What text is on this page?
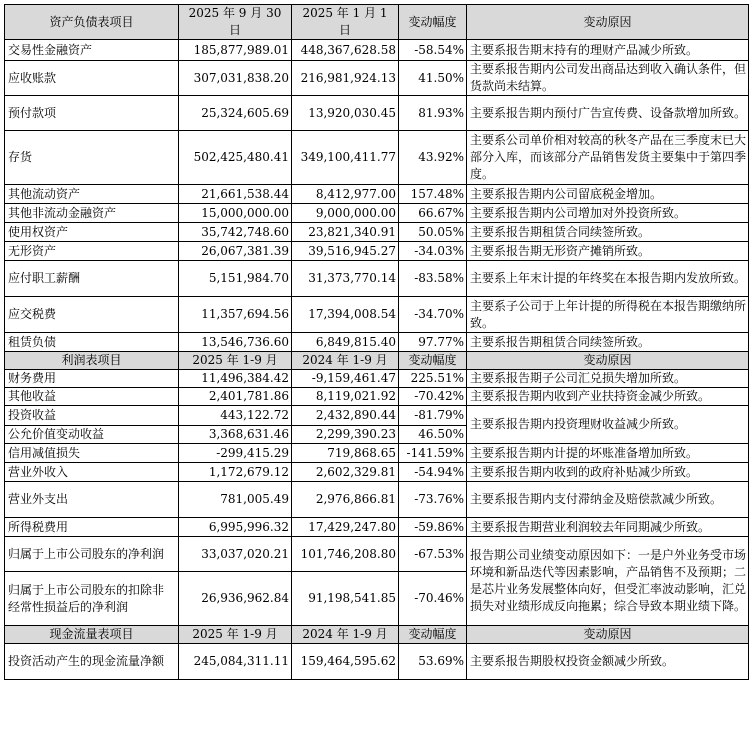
资产负债表项目	2025 年 9 月 30 日	2025 年 1 月 1 日	变动幅度	变动原因
交易性金融资产	185,877,989.01	448,367,628.58	-58.54%	主要系报告期末持有的理财产品减少所致。
应收账款	307,031,838.20	216,981,924.13	41.50%	主要系报告期内公司发出商品达到收入确认条件，但货款尚未结算。
预付款项	25,324,605.69	13,920,030.45	81.93%	主要系报告期内预付广告宣传费、设备款增加所致。
存货	502,425,480.41	349,100,411.77	43.92%	主要系公司单价相对较高的秋冬产品在三季度末已大部分入库，而该部分产品销售发货主要集中于第四季度。
其他流动资产	21,661,538.44	8,412,977.00	157.48%	主要系报告期内公司留底税金增加。
其他非流动金融资产	15,000,000.00	9,000,000.00	66.67%	主要系报告期内公司增加对外投资所致。
使用权资产	35,742,748.60	23,821,340.91	50.05%	主要系报告期租赁合同续签所致。
无形资产	26,067,381.39	39,516,945.27	-34.03%	主要系报告期无形资产摊销所致。
应付职工薪酬	5,151,984.70	31,373,770.14	-83.58%	主要系上年末计提的年终奖在本报告期内发放所致。
应交税费	11,357,694.56	17,394,008.54	-34.70%	主要系子公司于上年计提的所得税在本报告期缴纳所致。
租赁负债	13,546,736.60	6,849,815.40	97.77%	主要系报告期租赁合同续签所致。
利润表项目	2025 年 1-9 月	2024 年 1-9 月	变动幅度	变动原因
财务费用	11,496,384.42	-9,159,461.47	225.51%	主要系报告期子公司汇兑损失增加所致。
其他收益	2,401,781.86	8,119,021.92	-70.42%	主要系报告期内收到产业扶持资金减少所致。
投资收益	443,122.72	2,432,890.44	-81.79%	主要系报告期内投资理财收益减少所致。
公允价值变动收益	3,368,631.46	2,299,390.23	46.50%	
信用减值损失	-299,415.29	719,868.65	-141.59%	主要系报告期内计提的坏账准备增加所致。
营业外收入	1,172,679.12	2,602,329.81	-54.94%	主要系报告期内收到的政府补贴减少所致。
营业外支出	781,005.49	2,976,866.81	-73.76%	主要系报告期内支付滞纳金及赔偿款减少所致。
所得税费用	6,995,996.32	17,429,247.80	-59.86%	主要系报告期营业利润较去年同期减少所致。
归属于上市公司股东的净利润	33,037,020.21	101,746,208.80	-67.53%	报告期公司业绩变动原因如下：一是户外业务受市场环境和新品迭代等因素影响，产品销售不及预期；二是芯片业务发展整体向好，但受汇率波动影响，汇兑损失对业绩形成反向拖累；综合导致本期业绩下降。
归属于上市公司股东的扣除非经常性损益后的净利润	26,936,962.84	91,198,541.85	-70.46%	
现金流量表项目	2025 年 1-9 月	2024 年 1-9 月	变动幅度	变动原因
投资活动产生的现金流量净额	245,084,311.11	159,464,595.62	53.69%	主要系报告期股权投资金额减少所致。
